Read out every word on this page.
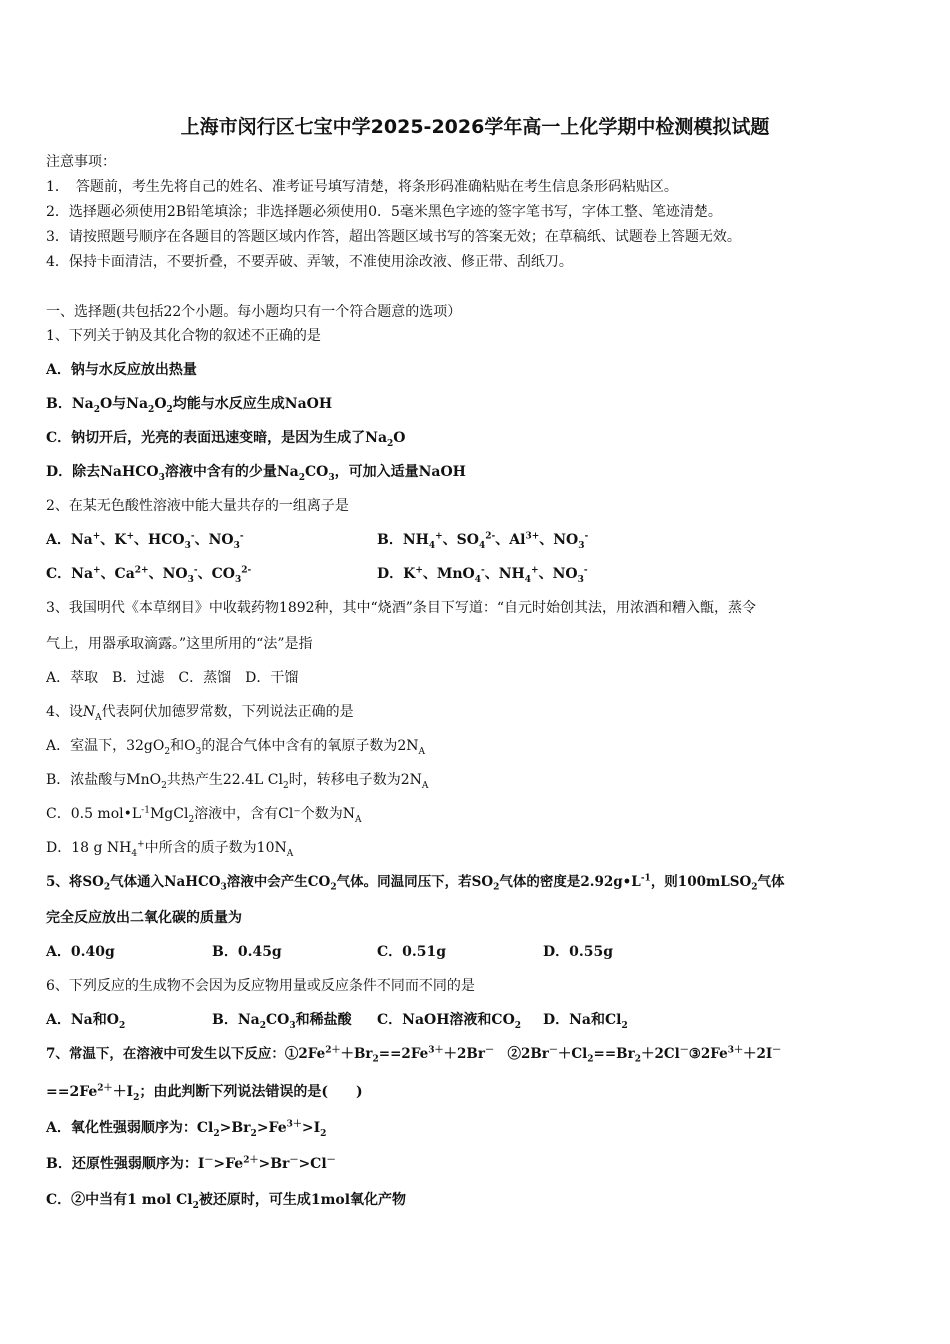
上海市闵行区七宝中学2025-2026学年高一上化学期中检测模拟试题
注意事项：
1．　答题前，考生先将自己的姓名、准考证号填写清楚，将条形码准确粘贴在考生信息条形码粘贴区。
2．选择题必须使用2B铅笔填涂；非选择题必须使用0．5毫米黑色字迹的签字笔书写，字体工整、笔迹清楚。
3．请按照题号顺序在各题目的答题区域内作答，超出答题区域书写的答案无效；在草稿纸、试题卷上答题无效。
4．保持卡面清洁，不要折叠，不要弄破、弄皱，不准使用涂改液、修正带、刮纸刀。
一、选择题(共包括22个小题。每小题均只有一个符合题意的选项）
1、下列关于钠及其化合物的叙述不正确的是
A．钠与水反应放出热量
B．$Na_2O$与$Na_2O_2$均能与水反应生成NaOH
C．钠切开后，光亮的表面迅速变暗，是因为生成了$Na_2O$
D．除去NaHCO$_3$溶液中含有的少量$Na_2CO_3$，可加入适量NaOH
2、在某无色酸性溶液中能大量共存的一组离子是
A．Na+、K+、$HCO_3^-$、$NO_3^-$	B．$NH_4^+$、$SO_4^{2-}$、$Al^{3+}$、$NO_3^-$
C．Na+、$Ca^{2+}$、$NO_3^-$、$CO_3^{2-}$	D．K+、MnO$_4$-、$NH_4^+$、$NO_3^-$
3、我国明代《本草纲目》中收载药物1892种，其中“烧酒”条目下写道：“自元时始创其法，用浓酒和糟入甑，蒸令
气上，用器承取滴露。”这里所用的“法”是指
A．萃取　B．过滤　C．蒸馏　D．干馏
4、设$N_A$代表阿伏加德罗常数，下列说法正确的是
A．室温下，$32gO_2$和$O_3$的混合气体中含有的氧原子数为$2N_A$
B．浓盐酸与MnO$_2$共热产生22.4L $Cl_2$时，转移电子数为$2N_A$
C．0.5 $mol•L^{-1}MgCl_2$溶液中，含有Cl⁻个数为$N_A$
D．18 g $NH_4^+$中所含的质子数为$10N_A$
5、将$SO_2$气体通入NaHCO$_3$溶液中会产生$CO_2$气体。同温同压下，若$SO_2$气体的密度是$2.92g•L^{-1}$，则100mLSO$_2$气体
完全反应放出二氧化碳的质量为
A．0.40g	B．0.45g	C．0.51g	D．0.55g
6、下列反应的生成物不会因为反应物用量或反应条件不同而不同的是
A．Na和$O_2$	B．$Na_2CO_3$和稀盐酸 C．NaOH溶液和$CO_2$ D．Na和$Cl_2$
7、常温下，在溶液中可发生以下反应：$①2Fe^{2+}+Br_2==2Fe^{3+}+2Br^-$　$②2Br^-+Cl_2==Br_2+2Cl^-③2Fe^{3+}+2I^-$
$==2Fe^{2+}+I_2$；由此判断下列说法错误的是(　　)
A．氧化性强弱顺序为：$Cl_2>Br_2>Fe^{3+}>I_2$
B．还原性强弱顺序为：$I^->Fe^{2+}>Br^->Cl^-$
C．②中当有1 mol $Cl_2$被还原时，可生成1mol氧化产物
